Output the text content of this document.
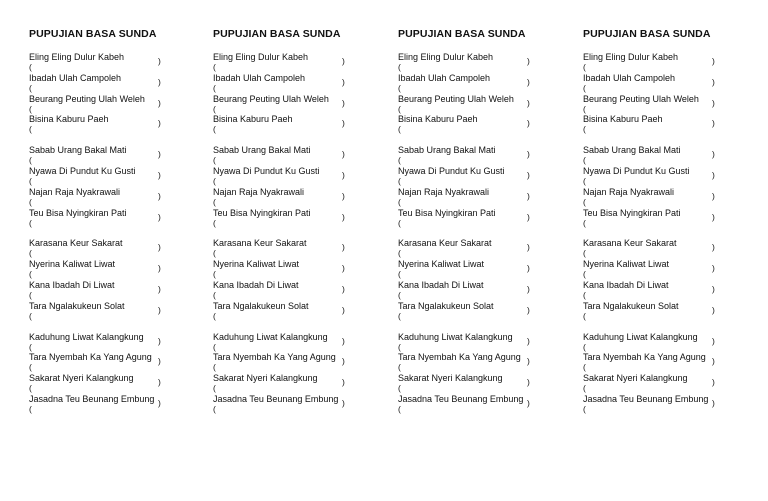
PUPUJIAN BASA SUNDA
Eling Eling Dulur Kabeh
(
)
Ibadah Ulah Campoleh
(
)
Beurang Peuting Ulah Weleh
(
)
Bisina Kaburu Paeh
(
)
Sabab Urang Bakal Mati
(
)
Nyawa Di Pundut Ku Gusti
(
)
Najan Raja Nyakrawali
(
)
Teu Bisa Nyingkiran Pati
(
)
Karasana Keur Sakarat
(
)
Nyerina Kaliwat Liwat
(
)
Kana Ibadah Di Liwat
(
)
Tara Ngalakukeun Solat
(
)
Kaduhung Liwat Kalangkung
(
)
Tara Nyembah Ka Yang Agung
(
)
Sakarat Nyeri Kalangkung
(
)
Jasadna Teu Beunang Embung
(
)
PUPUJIAN BASA SUNDA
Eling Eling Dulur Kabeh
(
)
Ibadah Ulah Campoleh
(
)
Beurang Peuting Ulah Weleh
(
)
Bisina Kaburu Paeh
(
)
Sabab Urang Bakal Mati
(
)
Nyawa Di Pundut Ku Gusti
(
)
Najan Raja Nyakrawali
(
)
Teu Bisa Nyingkiran Pati
(
)
Karasana Keur Sakarat
(
)
Nyerina Kaliwat Liwat
(
)
Kana Ibadah Di Liwat
(
)
Tara Ngalakukeun Solat
(
)
Kaduhung Liwat Kalangkung
(
)
Tara Nyembah Ka Yang Agung
(
)
Sakarat Nyeri Kalangkung
(
)
Jasadna Teu Beunang Embung
(
)
PUPUJIAN BASA SUNDA
Eling Eling Dulur Kabeh
(
)
Ibadah Ulah Campoleh
(
)
Beurang Peuting Ulah Weleh
(
)
Bisina Kaburu Paeh
(
)
Sabab Urang Bakal Mati
(
)
Nyawa Di Pundut Ku Gusti
(
)
Najan Raja Nyakrawali
(
)
Teu Bisa Nyingkiran Pati
(
)
Karasana Keur Sakarat
(
)
Nyerina Kaliwat Liwat
(
)
Kana Ibadah Di Liwat
(
)
Tara Ngalakukeun Solat
(
)
Kaduhung Liwat Kalangkung
(
)
Tara Nyembah Ka Yang Agung
(
)
Sakarat Nyeri Kalangkung
(
)
Jasadna Teu Beunang Embung
(
)
PUPUJIAN BASA SUNDA
Eling Eling Dulur Kabeh
(
)
Ibadah Ulah Campoleh
(
)
Beurang Peuting Ulah Weleh
(
)
Bisina Kaburu Paeh
(
)
Sabab Urang Bakal Mati
(
)
Nyawa Di Pundut Ku Gusti
(
)
Najan Raja Nyakrawali
(
)
Teu Bisa Nyingkiran Pati
(
)
Karasana Keur Sakarat
(
)
Nyerina Kaliwat Liwat
(
)
Kana Ibadah Di Liwat
(
)
Tara Ngalakukeun Solat
(
)
Kaduhung Liwat Kalangkung
(
)
Tara Nyembah Ka Yang Agung
(
)
Sakarat Nyeri Kalangkung
(
)
Jasadna Teu Beunang Embung
(
)
